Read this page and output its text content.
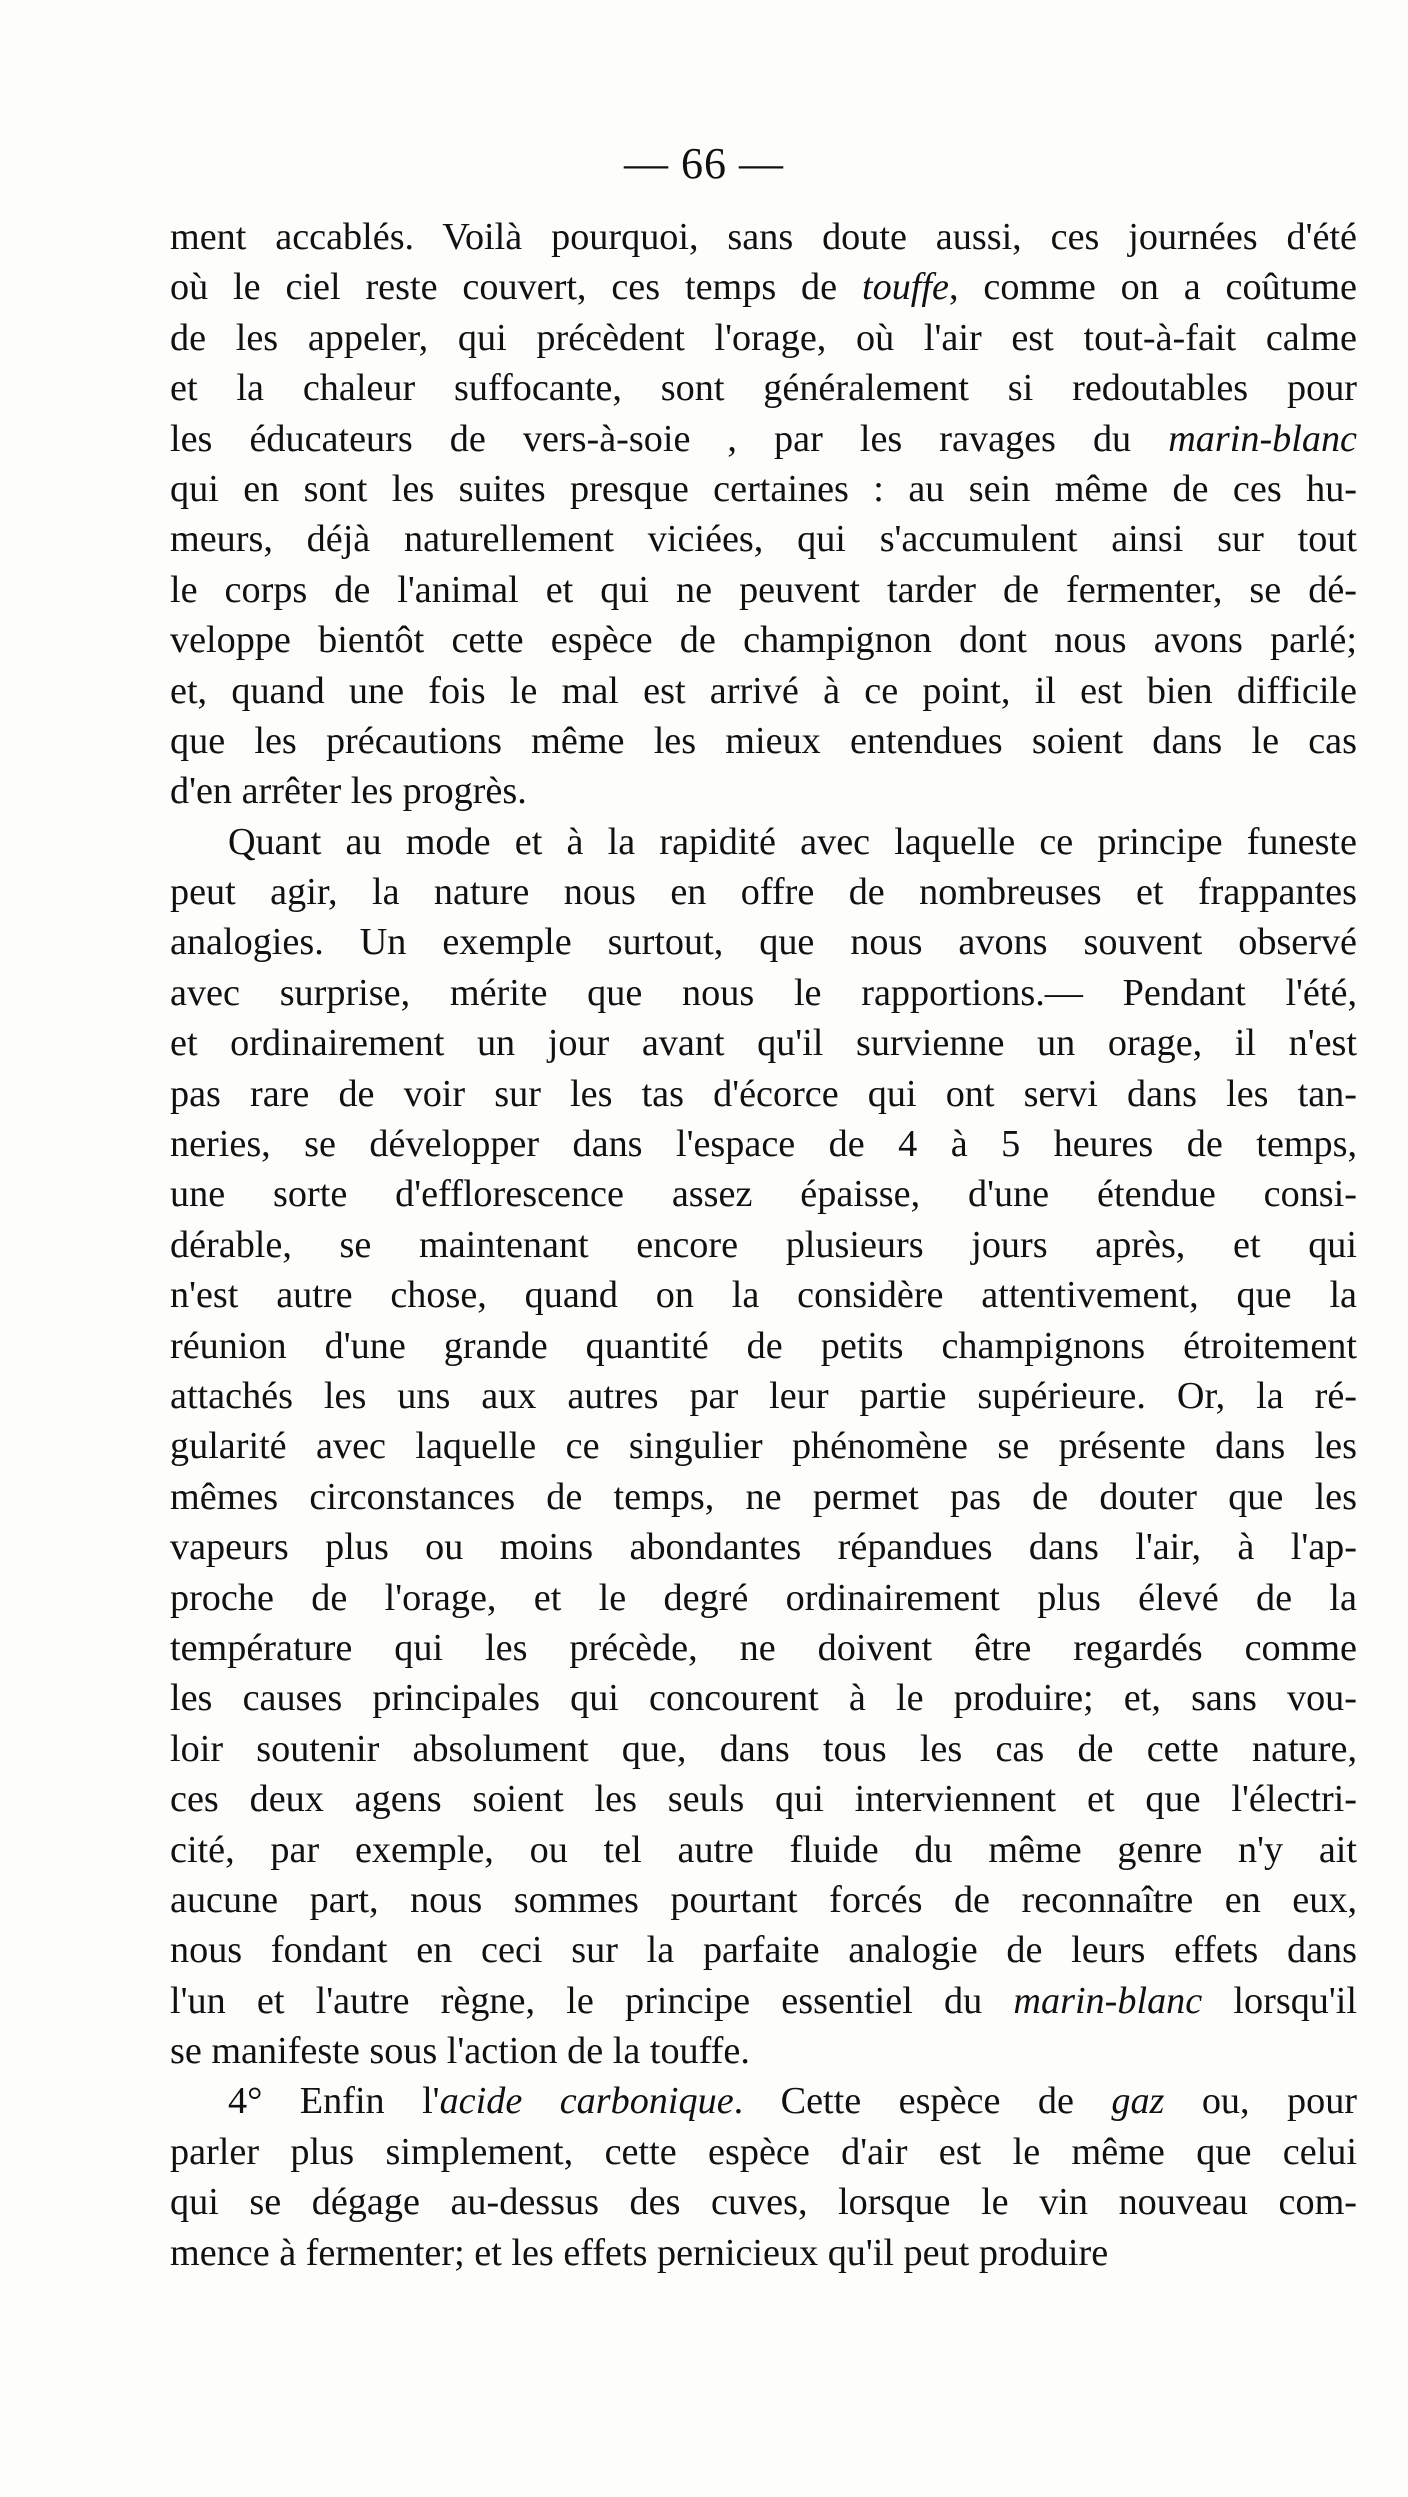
— 66 —
ment accablés. Voilà pourquoi, sans doute aussi, ces journées d'été
où le ciel reste couvert, ces temps de touffe, comme on a coûtume
de les appeler, qui précèdent l'orage, où l'air est tout-à-fait calme
et la chaleur suffocante, sont généralement si redoutables pour
les éducateurs de vers-à-soie , par les ravages du marin-blanc
qui en sont les suites presque certaines : au sein même de ces hu-
meurs, déjà naturellement viciées, qui s'accumulent ainsi sur tout
le corps de l'animal et qui ne peuvent tarder de fermenter, se dé-
veloppe bientôt cette espèce de champignon dont nous avons parlé;
et, quand une fois le mal est arrivé à ce point, il est bien difficile
que les précautions même les mieux entendues soient dans le cas
d'en arrêter les progrès.
Quant au mode et à la rapidité avec laquelle ce principe funeste
peut agir, la nature nous en offre de nombreuses et frappantes
analogies. Un exemple surtout, que nous avons souvent observé
avec surprise, mérite que nous le rapportions.— Pendant l'été,
et ordinairement un jour avant qu'il survienne un orage, il n'est
pas rare de voir sur les tas d'écorce qui ont servi dans les tan-
neries, se développer dans l'espace de 4 à 5 heures de temps,
une sorte d'efflorescence assez épaisse, d'une étendue consi-
dérable, se maintenant encore plusieurs jours après, et qui
n'est autre chose, quand on la considère attentivement, que la
réunion d'une grande quantité de petits champignons étroitement
attachés les uns aux autres par leur partie supérieure. Or, la ré-
gularité avec laquelle ce singulier phénomène se présente dans les
mêmes circonstances de temps, ne permet pas de douter que les
vapeurs plus ou moins abondantes répandues dans l'air, à l'ap-
proche de l'orage, et le degré ordinairement plus élevé de la
température qui les précède, ne doivent être regardés comme
les causes principales qui concourent à le produire; et, sans vou-
loir soutenir absolument que, dans tous les cas de cette nature,
ces deux agens soient les seuls qui interviennent et que l'électri-
cité, par exemple, ou tel autre fluide du même genre n'y ait
aucune part, nous sommes pourtant forcés de reconnaître en eux,
nous fondant en ceci sur la parfaite analogie de leurs effets dans
l'un et l'autre règne, le principe essentiel du marin-blanc lorsqu'il
se manifeste sous l'action de la touffe.
4° Enfin l'acide carbonique. Cette espèce de gaz ou, pour
parler plus simplement, cette espèce d'air est le même que celui
qui se dégage au-dessus des cuves, lorsque le vin nouveau com-
mence à fermenter; et les effets pernicieux qu'il peut produire
